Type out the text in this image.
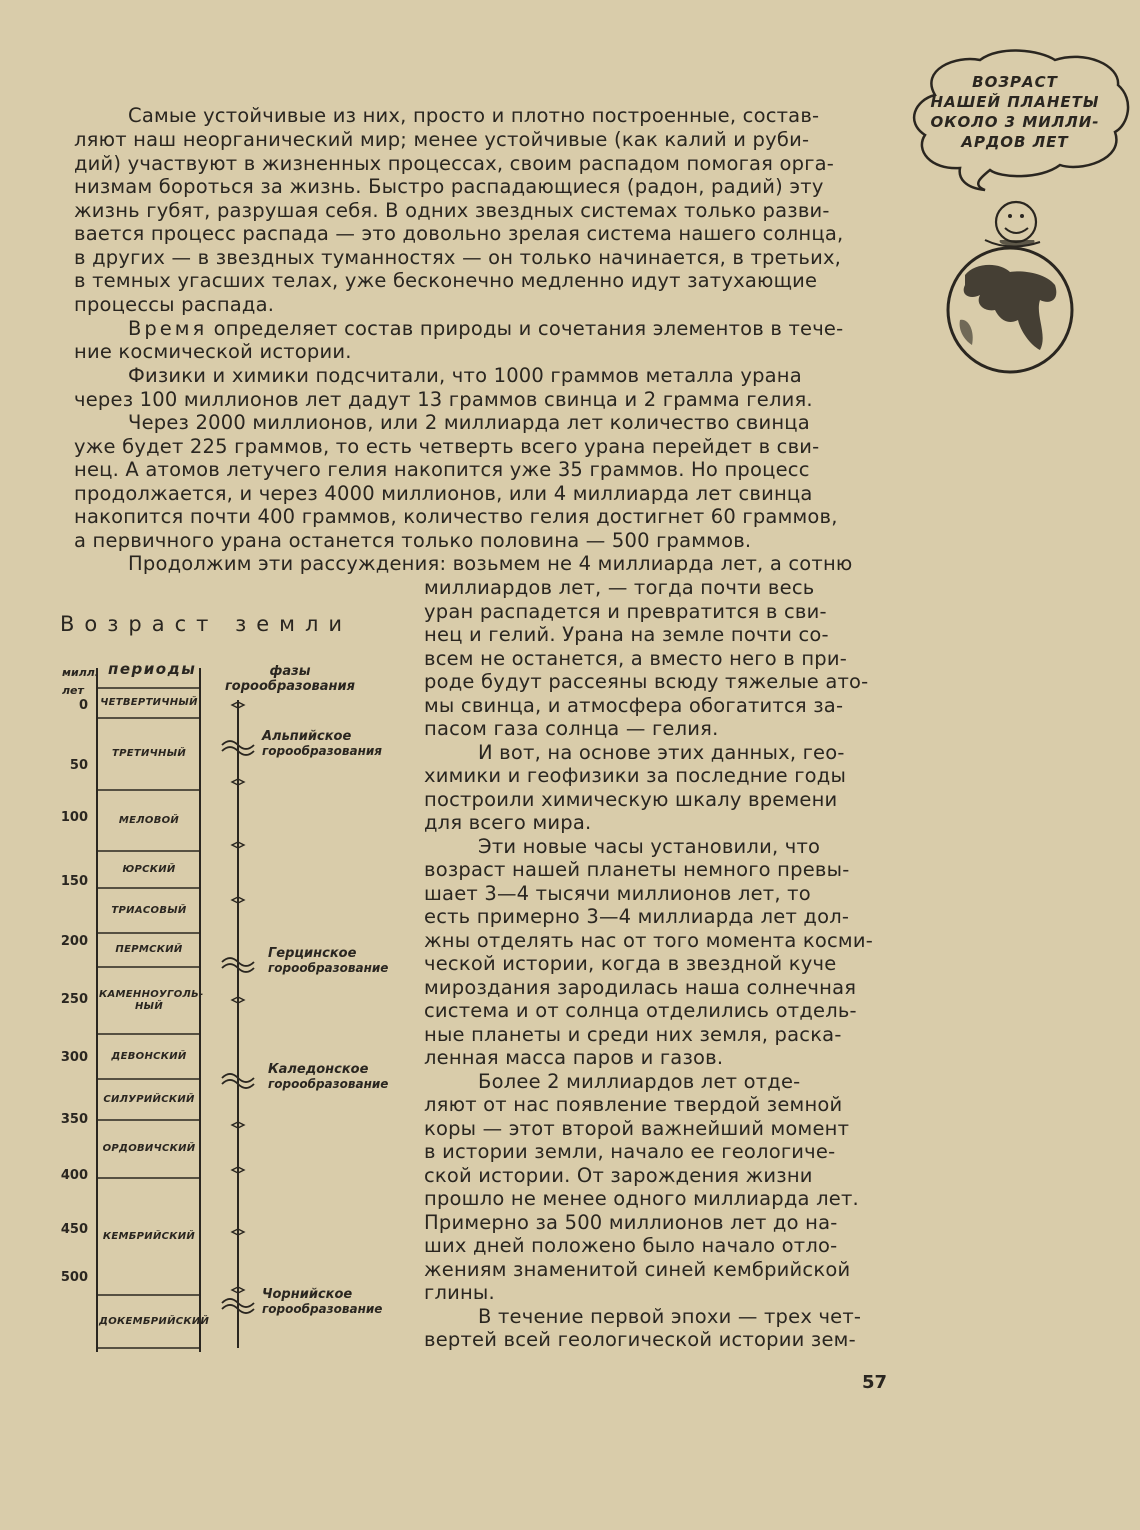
Самые устойчивые из них, просто и плотно построенные, состав-
ляют наш неорганический мир; менее устойчивые (как калий и руби-
дий) участвуют в жизненных процессах, своим распадом помогая орга-
низмам бороться за жизнь. Быстро распадающиеся (радон, радий) эту
жизнь губят, разрушая себя. В одних звездных системах только разви-
вается процесс распада — это довольно зрелая система нашего солнца,
в других — в звездных туманностях — он только начинается, в третьих,
в темных угасших телах, уже бесконечно медленно идут затухающие
процессы распада.
Время определяет состав природы и сочетания элементов в тече-
ние космической истории.
Физики и химики подсчитали, что 1000 граммов металла урана
через 100 миллионов лет дадут 13 граммов свинца и 2 грамма гелия.
Через 2000 миллионов, или 2 миллиарда лет количество свинца
уже будет 225 граммов, то есть четверть всего урана перейдет в сви-
нец. А атомов летучего гелия накопится уже 35 граммов. Но процесс
продолжается, и через 4000 миллионов, или 4 миллиарда лет свинца
накопится почти 400 граммов, количество гелия достигнет 60 граммов,
а первичного урана останется только половина — 500 граммов.
Продолжим эти рассуждения: возьмем не 4 миллиарда лет, а сотню
миллиардов лет, — тогда почти весь
уран распадется и превратится в сви-
нец и гелий. Урана на земле почти со-
всем не останется, а вместо него в при-
роде будут рассеяны всюду тяжелые ато-
мы свинца, и атмосфера обогатится за-
пасом газа солнца — гелия.
И вот, на основе этих данных, гео-
химики и геофизики за последние годы
построили химическую шкалу времени
для всего мира.
Эти новые часы установили, что
возраст нашей планеты немного превы-
шает 3—4 тысячи миллионов лет, то
есть примерно 3—4 миллиарда лет дол-
жны отделять нас от того момента косми-
ческой истории, когда в звездной куче
мироздания зародилась наша солнечная
система и от солнца отделились отдель-
ные планеты и среди них земля, раска-
ленная масса паров и газов.
Более 2 миллиардов лет отде-
ляют от нас появление твердой земной
коры — этот второй важнейший момент
в истории земли, начало ее геологиче-
ской истории. От зарождения жизни
прошло не менее одного миллиарда лет.
Примерно за 500 миллионов лет до на-
ших дней положено было начало отло-
жениям знаменитой синей кембрийской
глины.
В течение первой эпохи — трех чет-
вертей всей геологической истории зем-
Возраст земли
милл.
лет
периоды	фазы
горообразования
ЧЕТВЕРТИЧНЫЙ
ТРЕТИЧНЫЙ
МЕЛОВОЙ
ЮРСКИЙ
ТРИАСОВЫЙ
ПЕРМСКИЙ
КАМЕННОУГОЛЬ-
НЫЙ
ДЕВОНСКИЙ
СИЛУРИЙСКИЙ
ОРДОВИЧСКИЙ
КЕМБРИЙСКИЙ
ДОКЕМБРИЙСКИЙ
0
50
100
150
200
250
300
350
400
450
500
Альпийское
горообразования
Герцинское
горообразование
Каледонское
горообразование
Чорнийское
горообразование
ВОЗРАСТ
НАШЕЙ ПЛАНЕТЫ
ОКОЛО 3 МИЛЛИ-
АРДОВ ЛЕТ
57
